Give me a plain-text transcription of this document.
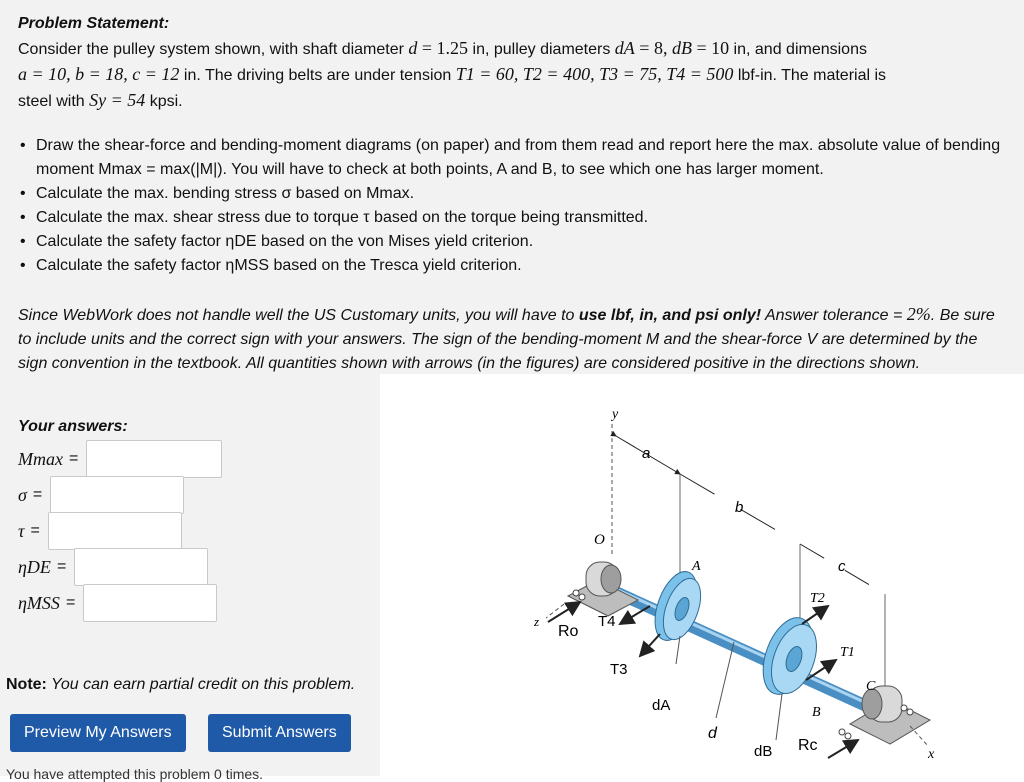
Problem Statement:
Consider the pulley system shown, with shaft diameter d = 1.25 in, pulley diameters dA = 8, dB = 10 in, and dimensions
a = 10, b = 18, c = 12 in. The driving belts are under tension T1 = 60, T2 = 400, T3 = 75, T4 = 500 lbf-in. The material is
steel with Sy = 54 kpsi.
• Draw the shear-force and bending-moment diagrams (on paper) and from them read and report here the max. absolute value of bending moment Mmax = max(|M|). You will have to check at both points, A and B, to see which one has larger moment.
• Calculate the max. bending stress σ based on Mmax.
• Calculate the max. shear stress due to torque τ based on the torque being transmitted.
• Calculate the safety factor ηDE based on the von Mises yield criterion.
• Calculate the safety factor ηMSS based on the Tresca yield criterion.
Since WebWork does not handle well the US Customary units, you will have to use lbf, in, and psi only! Answer tolerance = 2%. Be sure to include units and the correct sign with your answers. The sign of the bending-moment M and the shear-force V are determined by the sign convention in the textbook. All quantities shown with arrows (in the figures) are considered positive in the directions shown.
Your answers:
Mmax =
σ =
τ =
ηDE =
ηMSS =
Note: You can earn partial credit on this problem.
Preview My Answers	Submit Answers
You have attempted this problem 0 times.
y
a
b
c
O
A
B
C
x
z	T4
T3
T2
T1
Ro
Rc
dA
d
dB
